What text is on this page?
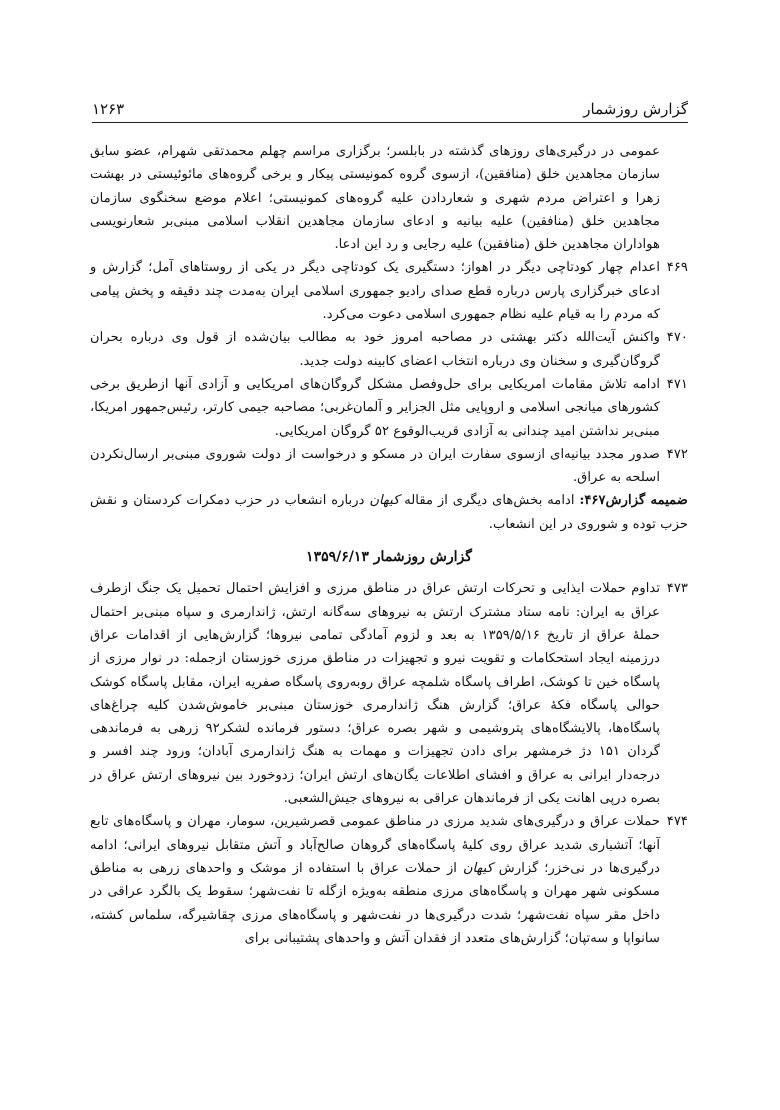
گزارش روزشمار
۱۲۶۳

عمومی در درگیری‌های روزهای گذشته در بابلسر؛ برگزاری مراسم چهلم محمدتقی شهرام، عضو سابق سازمان مجاهدین خلق (منافقین)، ازسوی گروه کمونیستی پیکار و برخی گروه‌های مائوئیستی در بهشت زهرا و اعتراض مردم شهری و شعاردادن علیه گروه‌های کمونیستی؛ اعلام موضع سخنگوی سازمان مجاهدین خلق (منافقین) علیه بیانیه و ادعای سازمان مجاهدین انقلاب اسلامی مبنی‌بر شعارنویسی هواداران مجاهدین خلق (منافقین) علیه رجایی و رد این ادعا.

۴۶۹
اعدام چهار کودتاچی دیگر در اهواز؛ دستگیری یک کودتاچی دیگر در یکی از روستاهای آمل؛ گزارش و ادعای خبرگزاری پارس درباره قطع صدای رادیو جمهوری اسلامی ایران به‌مدت چند دقیقه و پخش پیامی که مردم را به قیام علیه نظام جمهوری اسلامی دعوت می‌کرد.
۴۷۰
واکنش آیت‌الله دکتر بهشتی در مصاحبه امروز خود به مطالب بیان‌شده از قول وی درباره بحران گروگان‌گیری و سخنان وی درباره انتخاب اعضای کابینه دولت جدید.
۴۷۱
ادامه تلاش مقامات امریکایی برای حل‌وفصل مشکل گروگان‌های امریکایی و آزادی آنها ازطریق برخی کشورهای میانجی اسلامی و اروپایی مثل الجزایر و آلمان‌غربی؛ مصاحبه جیمی کارتر، رئیس‌جمهور امریکا، مبنی‌بر نداشتن امید چندانی به آزادی قریب‌الوقوع ۵۲ گروگان امریکایی.
۴۷۲
صدور مجدد بیانیه‌ای ازسوی سفارت ایران در مسکو و درخواست از دولت شوروی مبنی‌بر ارسال‌نکردن اسلحه به عراق.

ضمیمه گزارش۴۶۷: ادامه بخش‌های دیگری از مقاله کیهان درباره انشعاب در حزب دمکرات کردستان و نقش حزب توده و شوروی در این انشعاب.

گزارش روزشمار ۱۳۵۹/۶/۱۳
۴۷۳
تداوم حملات ایذایی و تحرکات ارتش عراق در مناطق مرزی و افزایش احتمال تحمیل یک جنگ ازطرف عراق به ایران: نامه ستاد مشترک ارتش به نیروهای سه‌گانه ارتش، ژاندارمری و سپاه مبنی‌بر احتمال حملهٔ عراق از تاریخ ۱۳۵۹/۵/۱۶ به بعد و لزوم آمادگی تمامی نیروها؛ گزارش‌هایی از اقدامات عراق درزمینه ایجاد استحکامات و تقویت نیرو و تجهیزات در مناطق مرزی خوزستان ازجمله: در نوار مرزی از پاسگاه خین تا کوشک، اطراف پاسگاه شلمچه عراق روبه‌روی پاسگاه صفریه ایران، مقابل پاسگاه کوشک حوالی پاسگاه فکهٔ عراق؛ گزارش هنگ ژاندارمری خوزستان مبنی‌بر خاموش‌شدن کلیه چراغ‌های پاسگاه‌ها، پالایشگاه‌های پتروشیمی و شهر بصره عراق؛ دستور فرمانده لشکر۹۲ زرهی به فرماندهی گردان ۱۵۱ دژ خرمشهر برای دادن تجهیزات و مهمات به هنگ ژاندارمری آبادان؛ ورود چند افسر و درجه‌دار ایرانی به عراق و افشای اطلاعات یگان‌های ارتش ایران؛ زدوخورد بین نیروهای ارتش عراق در بصره درپی اهانت یکی از فرماندهان عراقی به نیروهای جیش‌الشعبی.
۴۷۴
حملات عراق و درگیری‌های شدید مرزی در مناطق عمومی قصرشیرین، سومار، مهران و پاسگاه‌های تابع آنها؛ آتشباری شدید عراق روی کلیهٔ پاسگاه‌های گروهان صالح‌آباد و آتش متقابل نیروهای ایرانی؛ ادامه درگیری‌ها در نی‌خزر؛ گزارش کیهان از حملات عراق با استفاده از موشک و واحدهای زرهی به مناطق مسکونی شهر مهران و پاسگاه‌های مرزی منطقه به‌ویژه ازگله تا نفت‌شهر؛ سقوط یک بالگرد عراقی در داخل مقر سپاه نفت‌شهر؛ شدت درگیری‌ها در نفت‌شهر و پاسگاه‌های مرزی چقاشیرگه، سلماس کشته، سانواپا و سه‌تپان؛ گزارش‌های متعدد از فقدان آتش و واحدهای پشتیبانی برای
